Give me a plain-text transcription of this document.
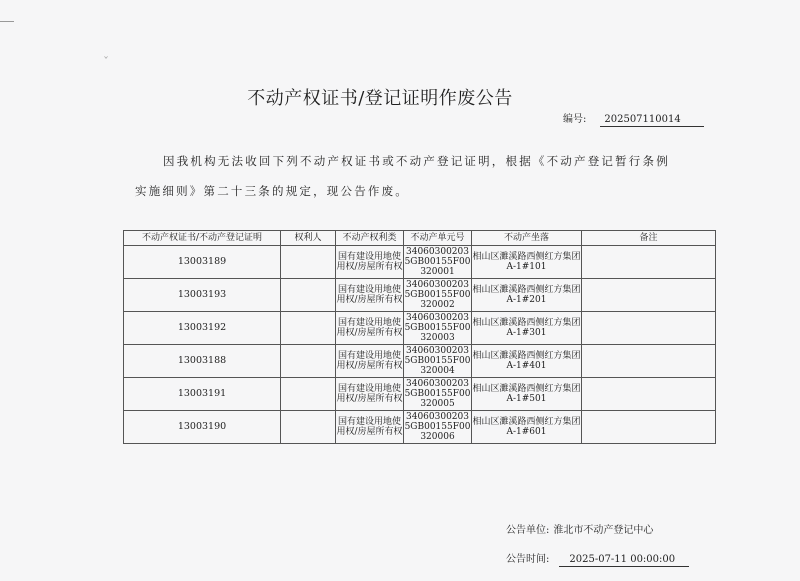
ˇ
不动产权证书/登记证明作废公告
编号: 202507110014
因我机构无法收回下列不动产权证书或不动产登记证明，根据《不动产登记暂行条例
实施细则》第二十三条的规定，现公告作废。
不动产权证书/不动产登记证明	权利人	不动产权利类	不动产单元号	不动产坐落	备注
13003189		国有建设用地使用权/房屋所有权	340603002035GB00155F00320001	相山区濉溪路西侧红方集团A-1#101	
13003193		国有建设用地使用权/房屋所有权	340603002035GB00155F00320002	相山区濉溪路西侧红方集团A-1#201	
13003192		国有建设用地使用权/房屋所有权	340603002035GB00155F00320003	相山区濉溪路西侧红方集团A-1#301	
13003188		国有建设用地使用权/房屋所有权	340603002035GB00155F00320004	相山区濉溪路西侧红方集团A-1#401	
13003191		国有建设用地使用权/房屋所有权	340603002035GB00155F00320005	相山区濉溪路西侧红方集团A-1#501	
13003190		国有建设用地使用权/房屋所有权	340603002035GB00155F00320006	相山区濉溪路西侧红方集团A-1#601	
公告单位: 淮北市不动产登记中心
公告时间: 2025-07-11 00:00:00
